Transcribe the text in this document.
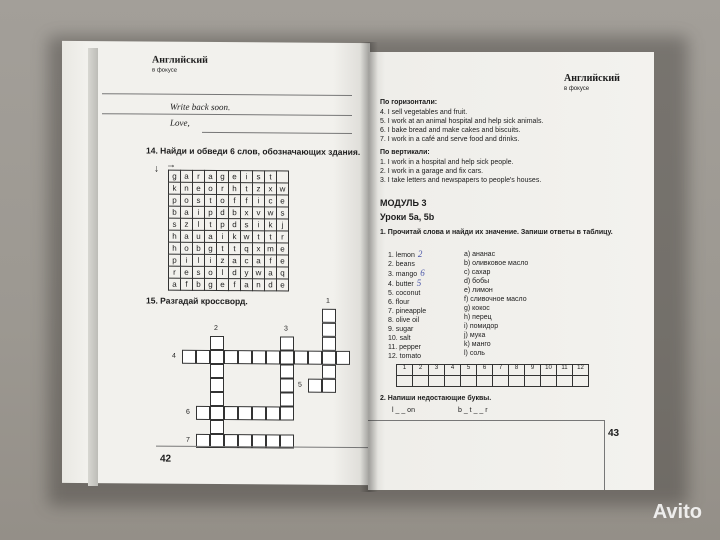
Английский
в фокусе
Write back soon.
Love,
14. Найди и обведи 6 слов, обозначающих здания.
→
↓
g	a	r	a	g	e	i	s	t	
k	n	e	o	r	h	t	z	x	w
p	o	s	t	o	f	f	i	c	e
b	a	i	p	d	b	x	v	w	s
s	z	l	t	p	d	s	i	k	j
h	a	u	a	i	k	w	t	t	r
h	o	b	g	t	t	q	x	m	e
p	i	l	i	z	a	c	a	f	e
r	e	s	o	l	d	y	w	a	q
a	f	b	g	e	f	a	n	d	e
15. Разгадай кроссворд.	1
2	3
4
5
6
7
42
Английский
в фокусе
По горизонтали:
4. I sell vegetables and fruit.
5. I work at an animal hospital and help sick animals.
6. I bake bread and make cakes and biscuits.
7. I work in a café and serve food and drinks.
По вертикали:
1. I work in a hospital and help sick people.
2. I work in a garage and fix cars.
3. I take letters and newspapers to people's houses.
МОДУЛЬ 3
Уроки 5а, 5b
1. Прочитай слова и найди их значение. Запиши ответы в таблицу.
1. lemon 2
2. beans
3. mango 6
4. butter 5
5. coconut
6. flour
7. pineapple
8. olive oil
9. sugar
10. salt
11. pepper
12. tomato
a) ананас
b) оливковое масло
c) сахар
d) бобы
e) лимон
f) сливочное масло
g) кокос
h) перец
i) помидор
j) мука
k) манго
l) соль
1	2	3	4	5	6	7	8	9	10	11	12

2. Напиши недостающие буквы.
l _ _ on	b _ t _ _ r
43
Avito
